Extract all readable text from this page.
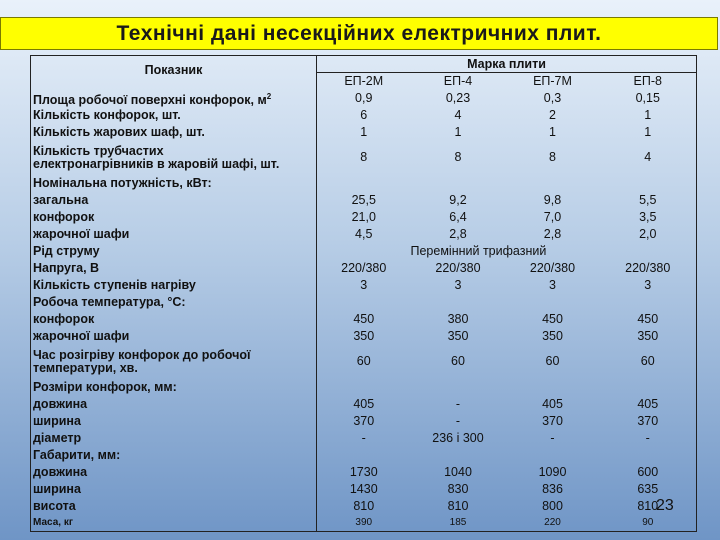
Технічні дані несекційних електричних плит.
Показник	Марка плити			
	ЕП-2М	ЕП-4	ЕП-7М	ЕП-8
Площа робочої поверхні конфорок, $м^2$	0,9	0,23	0,3	0,15
Кількість конфорок, шт.	6	4	2	1
Кількість жарових шаф, шт.	1	1	1	1
Кількість трубчастих
електронагрівників в жаровій шафі, шт.	8	8	8	4
Номінальна потужність, кВт:				
загальна	25,5	9,2	9,8	5,5
конфорок	21,0	6,4	7,0	3,5
жарочної шафи	4,5	2,8	2,8	2,0
Рід струму		Перемінний трифазний		
Напруга, В	220/380	220/380	220/380	220/380
Кількість ступенів нагріву	3	3	3	3
Робоча температура, °С:				
конфорок	450	380	450	450
жарочної шафи	350	350	350	350
Час розігріву конфорок до робочої
температури, хв.	60	60	60	60
Розміри конфорок, мм:				
довжина	405	-	405	405
ширина	370	-	370	370
діаметр	-	236 і 300	-	-
Габарити, мм:				
довжина	1730	1040	1090	600
ширина	1430	830	836	635
висота	810	810	800	810
Маса, кг	390	185	220	90
23
